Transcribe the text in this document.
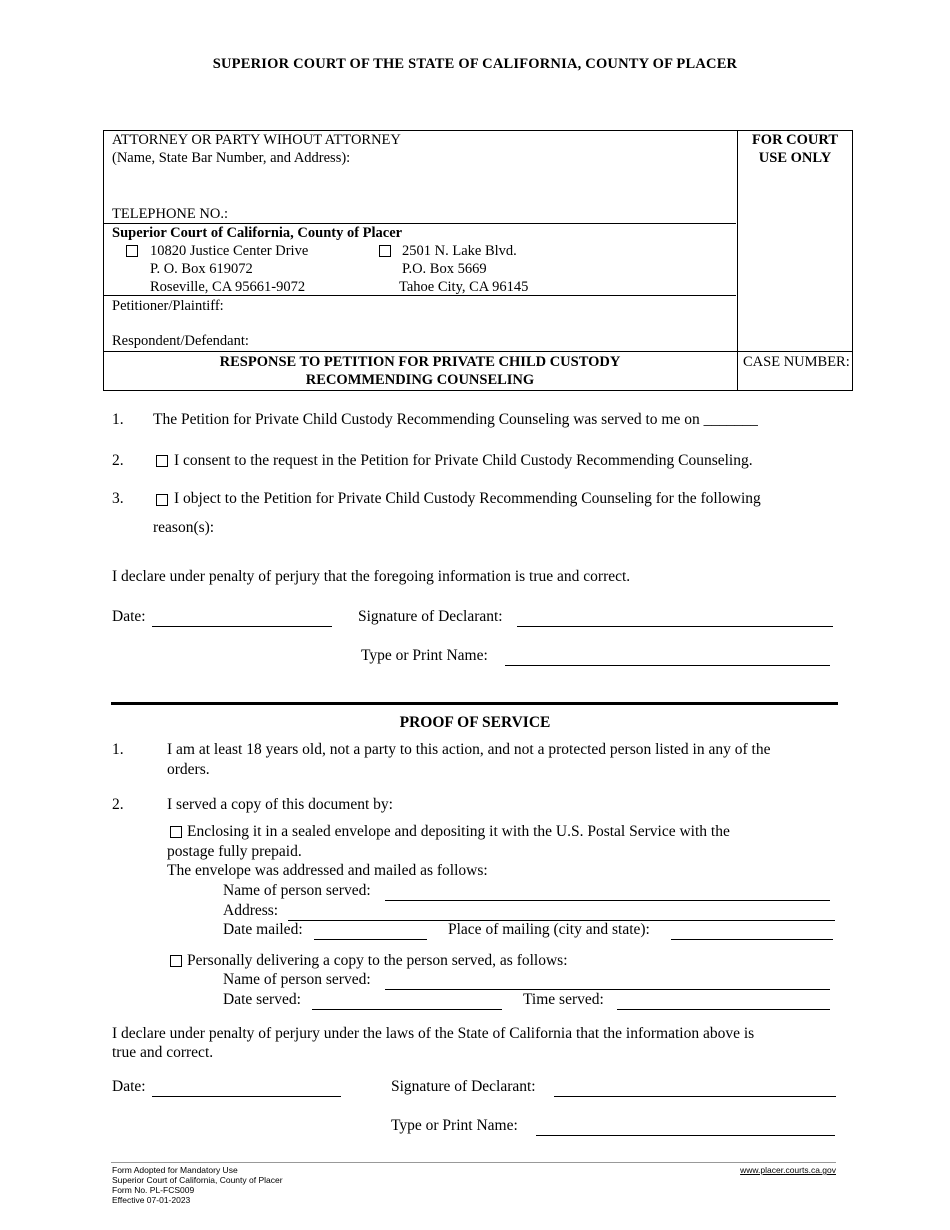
SUPERIOR COURT OF THE STATE OF CALIFORNIA, COUNTY OF PLACER
ATTORNEY OR PARTY WIHOUT ATTORNEY
(Name, State Bar Number, and Address):
TELEPHONE NO.:
FOR COURT USE ONLY
Superior Court of California, County of Placer
10820 Justice Center Drive
P. O. Box 619072
Roseville, CA 95661-9072
2501 N. Lake Blvd.
P.O. Box 5669
Tahoe City, CA 96145
Petitioner/Plaintiff:
Respondent/Defendant:
RESPONSE TO PETITION FOR PRIVATE CHILD CUSTODY
RECOMMENDING COUNSELING
CASE NUMBER:
1. The Petition for Private Child Custody Recommending Counseling was served to me on _______
2.	I consent to the request in the Petition for Private Child Custody Recommending Counseling.
3.	I object to the Petition for Private Child Custody Recommending Counseling for the following
reason(s):
I declare under penalty of perjury that the foregoing information is true and correct.
Date:	Signature of Declarant:
Type or Print Name:
PROOF OF SERVICE
1.	I am at least 18 years old, not a party to this action, and not a protected person listed in any of the
orders.
2.	I served a copy of this document by:
Enclosing it in a sealed envelope and depositing it with the U.S. Postal Service with the
postage fully prepaid.
The envelope was addressed and mailed as follows:
Name of person served:
Address:
Date mailed:	Place of mailing (city and state):
Personally delivering a copy to the person served, as follows:
Name of person served:
Date served:	Time served:
I declare under penalty of perjury under the laws of the State of California that the information above is
true and correct.
Date:	Signature of Declarant:
Type or Print Name:
Form Adopted for Mandatory Use
Superior Court of California, County of Placer
Form No. PL-FCS009
Effective 07-01-2023
www.placer.courts.ca.gov
